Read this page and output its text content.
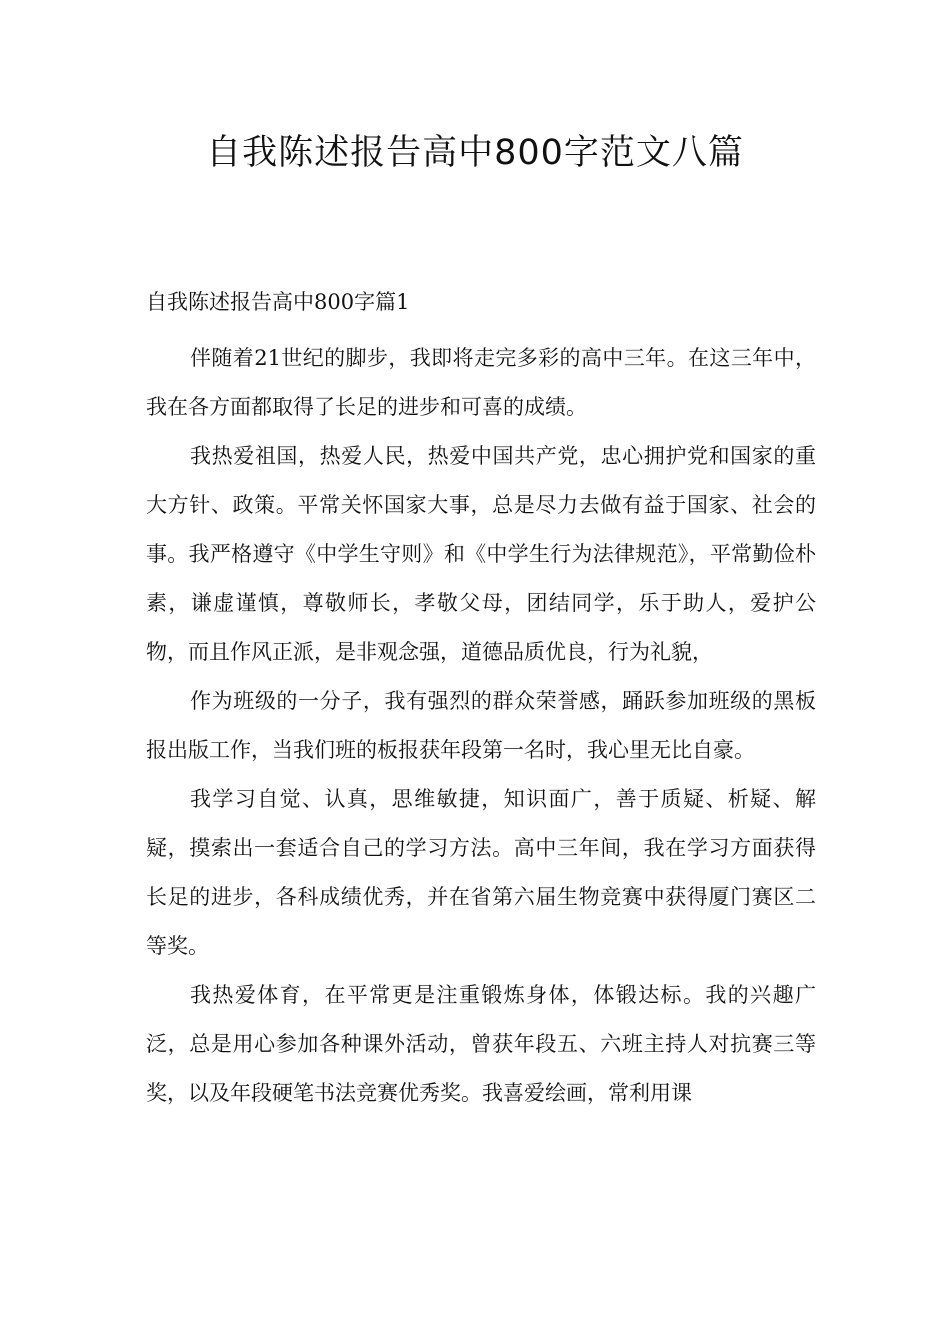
自我陈述报告高中800字范文八篇
自我陈述报告高中800字篇1

伴随着21世纪的脚步，我即将走完多彩的高中三年。在这三年中，我在各方面都取得了长足的进步和可喜的成绩。

我热爱祖国，热爱人民，热爱中国共产党，忠心拥护党和国家的重大方针、政策。平常关怀国家大事，总是尽力去做有益于国家、社会的事。我严格遵守《中学生守则》和《中学生行为法律规范》，平常勤俭朴素，谦虚谨慎，尊敬师长，孝敬父母，团结同学，乐于助人，爱护公物，而且作风正派，是非观念强，道德品质优良，行为礼貌，

作为班级的一分子，我有强烈的群众荣誉感，踊跃参加班级的黑板报出版工作，当我们班的板报获年段第一名时，我心里无比自豪。

我学习自觉、认真，思维敏捷，知识面广，善于质疑、析疑、解疑，摸索出一套适合自己的学习方法。高中三年间，我在学习方面获得长足的进步，各科成绩优秀，并在省第六届生物竞赛中获得厦门赛区二等奖。

我热爱体育，在平常更是注重锻炼身体，体锻达标。我的兴趣广泛，总是用心参加各种课外活动，曾获年段五、六班主持人对抗赛三等奖，以及年段硬笔书法竞赛优秀奖。我喜爱绘画，常利用课
